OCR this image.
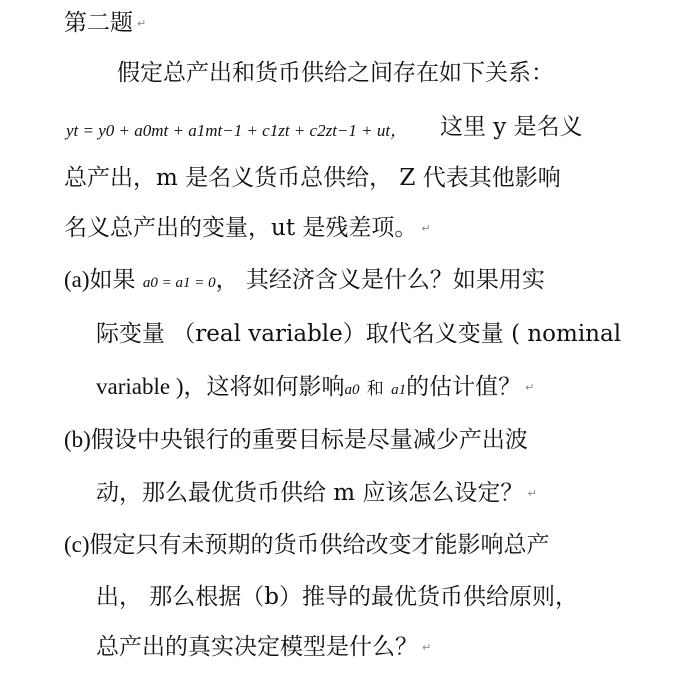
第二题 ↵
假定总产出和货币供给之间存在如下关系：
yt = y0 + a0mt + a1mt−1 + c1zt + c2zt−1 + ut， 这里 y 是名义
总产出，m 是名义货币总供给， Z 代表其他影响
名义总产出的变量，ut 是残差项。 ↵
(a)如果 a0 = a1 = 0， 其经济含义是什么？如果用实
际变量 （real variable）取代名义变量 ( nominal
variable )，这将如何影响a0 和 a1的估计值？ ↵
(b)假设中央银行的重要目标是尽量减少产出波
动，那么最优货币供给 m 应该怎么设定？ ↵
(c)假定只有未预期的货币供给改变才能影响总产
出， 那么根据（b）推导的最优货币供给原则，
总产出的真实决定模型是什么？ ↵
